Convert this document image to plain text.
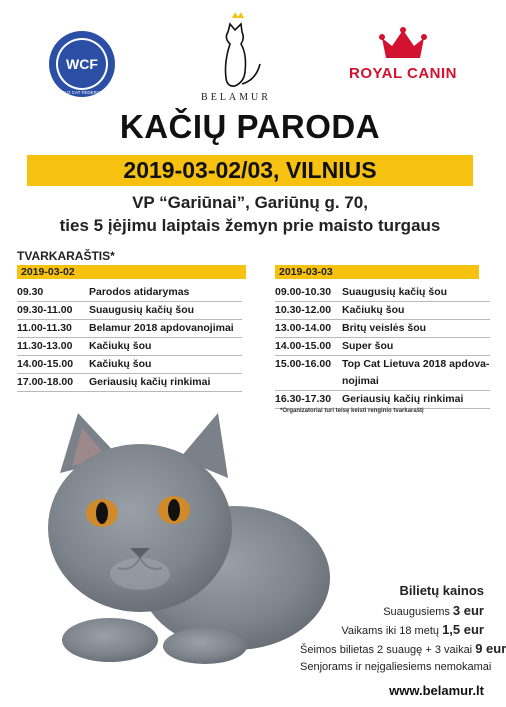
WCF
WORLD CAT FEDERATION	BELAMUR
ROYAL CANIN
KAČIŲ PARODA
2019-03-02/03, VILNIUS
VP “Gariūnai”, Gariūnų g. 70,
ties 5 įėjimu laiptais žemyn prie maisto turgaus
TVARKARAŠTIS*
2019-03-02	2019-03-03
09.30	Parodos atidarymas
09.30-11.00	Suaugusių kačių šou
11.00-11.30	Belamur 2018 apdovanojimai
11.30-13.00	Kačiukų šou
14.00-15.00	Kačiukų šou
17.00-18.00	Geriausių kačių rinkimai
09.00-10.30	Suaugusių kačių šou
10.30-12.00	Kačiukų šou
13.00-14.00	Britų veislės šou
14.00-15.00	Super šou
15.00-16.00	Top Cat Lietuva 2018 apdova-nojimai
16.30-17.30	Geriausių kačių rinkimai
*Organizatoriai turi teisę keisti renginio tvarkaraštį
Bilietų kainos
Suaugusiems 3 eur
Vaikams iki 18 metų 1,5 eur
Šeimos bilietas 2 suaugę + 3 vaikai 9 eur
Senjorams ir neįgaliesiems nemokamai
www.belamur.lt
